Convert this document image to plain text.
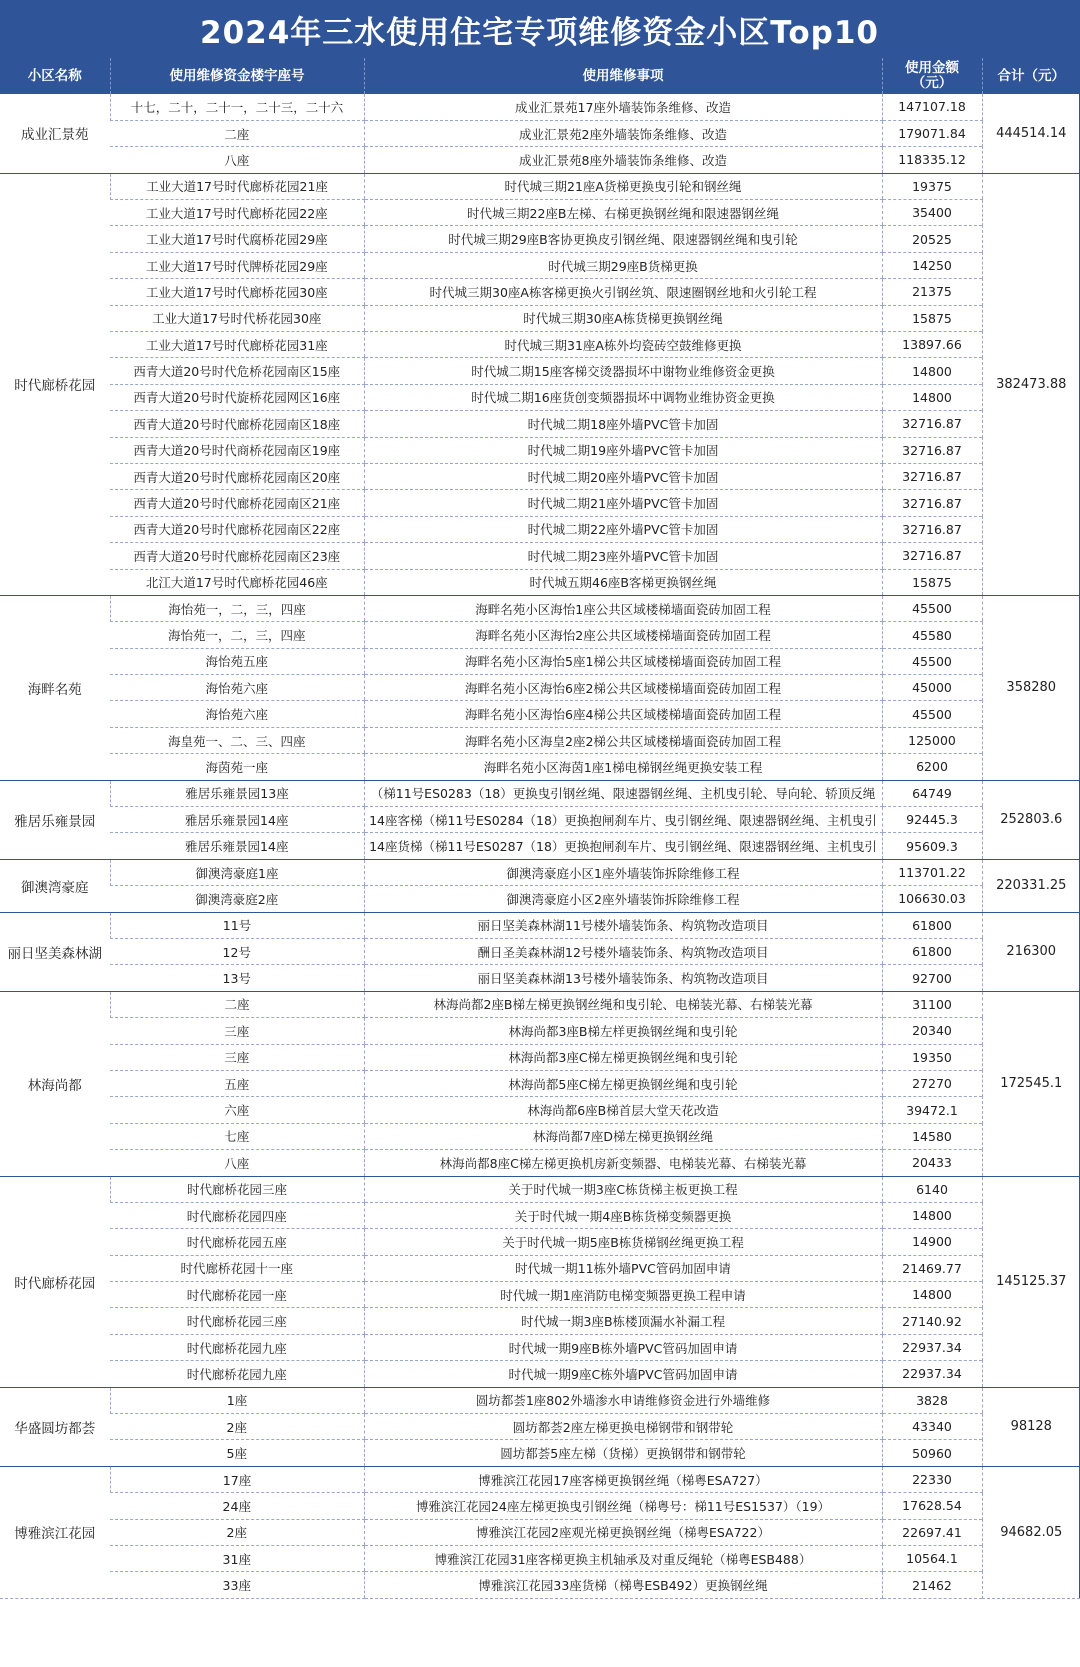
2024年三水使用住宅专项维修资金小区Top10
小区名称	使用维修资金楼宇座号	使用维修事项	使用金额（元）	合计（元）
成业汇景苑	十七，二十，二十一，二十三，二十六	成业汇景苑17座外墙装饰条维修、改造	147107.18	444514.14
	二座	成业汇景苑2座外墙装饰条维修、改造	179071.84	
	八座	成业汇景苑8座外墙装饰条维修、改造	118335.12	
时代廊桥花园	工业大道17号时代廊桥花园21座	时代城三期21座A货梯更换曳引轮和钢丝绳	19375	382473.88
	工业大道17号时代廊桥花园22座	时代城三期22座B左梯、右梯更换钢丝绳和限速器钢丝绳	35400	
	工业大道17号时代腐桥花园29座	时代城三期29座B客协更换皮引钢丝绳、限速器钢丝绳和曳引轮	20525	
	工业大道17号时代牌桥花园29座	时代城三期29座B货梯更换	14250	
	工业大道17号时代廊桥花园30座	时代城三期30座A栋客梯更换火引钢丝筑、限速圈钢丝地和火引轮工程	21375	
	工业大道17号时代桥花园30座	时代城三期30座A栋货梯更换钢丝绳	15875	
	工业大道17号时代廊桥花园31座	时代城三期31座A栋外均瓷砖空鼓维修更换	13897.66	
	西青大道20号时代危桥花园南区15座	时代城二期15座客梯交烫器损坏中谢物业维修资金更换	14800	
	西青大道20号时代旋桥花园网区16座	时代城二期16座货创变频器损坏中调物业维协资金更换	14800	
	西青大道20号时代廊桥花园南区18座	时代城二期18座外墙PVC管卡加固	32716.87	
	西青大道20号时代商桥花园南区19座	时代城二期19座外墙PVC管卡加固	32716.87	
	西青大道20号时代廊桥花园南区20座	时代城二期20座外墙PVC管卡加固	32716.87	
	西青大道20号时代廊桥花园南区21座	时代城二期21座外墙PVC管卡加固	32716.87	
	西青大道20号时代廊桥花园南区22座	时代城二期22座外墙PVC管卡加固	32716.87	
	西青大道20号时代廊桥花园南区23座	时代城二期23座外墙PVC管卡加固	32716.87	
	北江大道17号时代廊桥花园46座	时代城五期46座B客梯更换钢丝绳	15875	
海畔名苑	海怡苑一，二，三，四座	海畔名苑小区海怡1座公共区域楼梯墙面瓷砖加固工程	45500	358280
	海怡苑一，二，三，四座	海畔名苑小区海怡2座公共区域楼梯墙面瓷砖加固工程	45580	
	海怡苑五座	海畔名苑小区海怡5座1梯公共区域楼梯墙面瓷砖加固工程	45500	
	海怡苑六座	海畔名苑小区海怡6座2梯公共区域楼梯墙面瓷砖加固工程	45000	
	海怡苑六座	海畔名苑小区海怡6座4梯公共区域楼梯墙面瓷砖加固工程	45500	
	海皇苑一、二、三、四座	海畔名苑小区海皇2座2梯公共区域楼梯墙面瓷砖加固工程	125000	
	海茵苑一座	海畔名苑小区海茵1座1梯电梯钢丝绳更换安装工程	6200	
雅居乐雍景园	雅居乐雍景园13座	（梯11号ES0283（18）更换曳引钢丝绳、限速器钢丝绳、主机曳引轮、导向轮、轿顶反绳	64749	252803.6
	雅居乐雍景园14座	14座客梯（梯11号ES0284（18）更换抱闸刹车片、曳引钢丝绳、限速器钢丝绳、主机曳引	92445.3	
	雅居乐雍景园14座	14座货梯（梯11号ES0287（18）更换抱闸刹车片、曳引钢丝绳、限速器钢丝绳、主机曳引	95609.3	
御澳湾豪庭	御澳湾豪庭1座	御澳湾豪庭小区1座外墙装饰拆除维修工程	113701.22	220331.25
	御澳湾豪庭2座	御澳湾豪庭小区2座外墙装饰拆除维修工程	106630.03	
丽日坚美森林湖	11号	丽日坚美森林湖11号楼外墙装饰条、构筑物改造项目	61800	216300
	12号	酬日圣美森林湖12号楼外墙装饰条、构筑物改造项目	61800	
	13号	丽日坚美森林湖13号楼外墙装饰条、构筑物改造项目	92700	
林海尚都	二座	林海尚都2座B梯左梯更换钢丝绳和曳引轮、电梯装光幕、右梯装光幕	31100	172545.1
	三座	林海尚都3座B梯左样更换钢丝绳和曳引轮	20340	
	三座	林海尚都3座C梯左梯更换钢丝绳和曳引轮	19350	
	五座	林海尚都5座C梯左梯更换钢丝绳和曳引轮	27270	
	六座	林海尚都6座B梯首层大堂天花改造	39472.1	
	七座	林海尚都7座D梯左梯更换钢丝绳	14580	
	八座	林海尚都8座C梯左梯更换机房新变频器、电梯装光幕、右梯装光幕	20433	
时代廊桥花园	时代廊桥花园三座	关于时代城一期3座C栋货梯主板更换工程	6140	145125.37
	时代廊桥花园四座	关于时代城一期4座B栋货梯变频器更换	14800	
	时代廊桥花园五座	关于时代城一期5座B栋货梯钢丝绳更换工程	14900	
	时代廊桥花园十一座	时代城一期11栋外墙PVC管码加固申请	21469.77	
	时代廊桥花园一座	时代城一期1座消防电梯变频器更换工程申请	14800	
	时代廊桥花园三座	时代城一期3座B栋楼顶漏水补漏工程	27140.92	
	时代廊桥花园九座	时代城一期9座B栋外墙PVC管码加固申请	22937.34	
	时代廊桥花园九座	时代城一期9座C栋外墙PVC管码加固申请	22937.34	
华盛圆坊都荟	1座	圆坊都荟1座802外墙渗水申请维修资金进行外墙维修	3828	98128
	2座	圆坊都荟2座左梯更换电梯钢带和钢带轮	43340	
	5座	圆坊都荟5座左梯（货梯）更换钢带和钢带轮	50960	
博雅滨江花园	17座	博雅滨江花园17座客梯更换钢丝绳（梯粤ESA727）	22330	94682.05
	24座	博雅滨江花园24座左梯更换曳引钢丝绳（梯粤号：梯11号ES1537）（19）	17628.54	
	2座	博雅滨江花园2座观光梯更换钢丝绳（梯粤ESA722）	22697.41	
	31座	博雅滨江花园31座客梯更换主机轴承及对重反绳轮（梯粤ESB488）	10564.1	
	33座	博雅滨江花园33座货梯（梯粤ESB492）更换钢丝绳	21462	
